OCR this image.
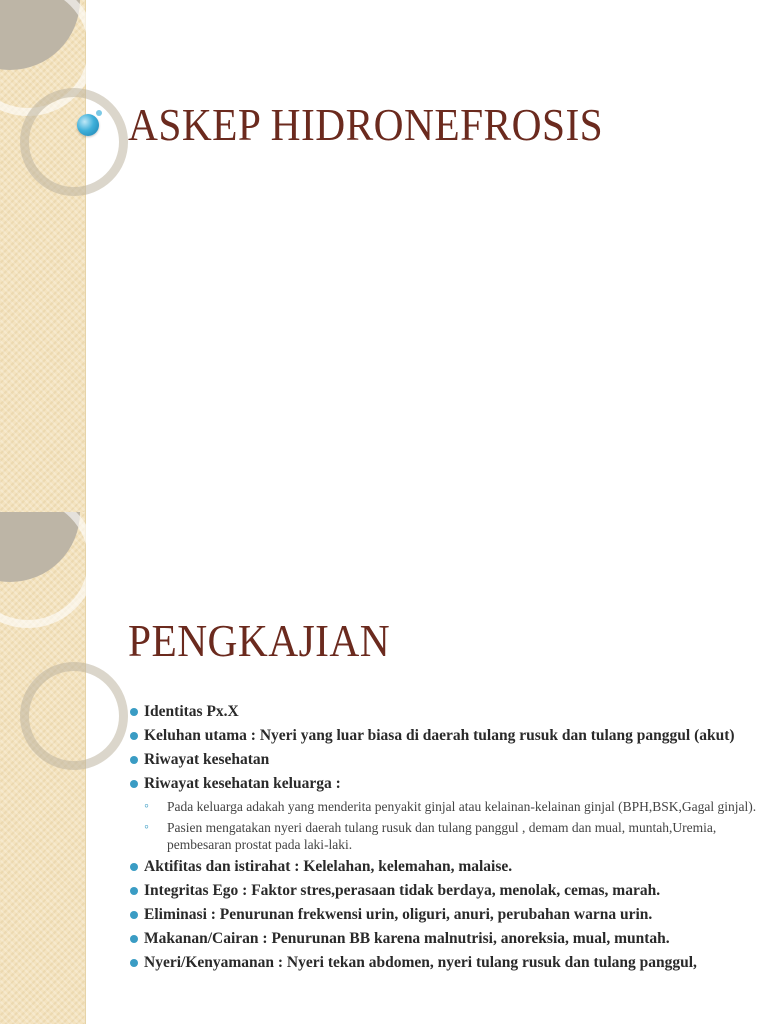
ASKEP HIDRONEFROSIS
PENGKAJIAN
Identitas Px.X
Keluhan utama : Nyeri yang luar biasa di daerah tulang rusuk dan tulang panggul (akut)
Riwayat kesehatan
Riwayat kesehatan keluarga :
◦ Pada keluarga adakah yang menderita penyakit ginjal atau kelainan-kelainan ginjal (BPH,BSK,Gagal ginjal).
◦ Pasien mengatakan nyeri daerah tulang rusuk dan tulang panggul , demam dan mual, muntah,Uremia, pembesaran prostat pada laki-laki.
Aktifitas dan istirahat : Kelelahan, kelemahan, malaise.
Integritas Ego : Faktor stres,perasaan tidak berdaya, menolak, cemas, marah.
Eliminasi : Penurunan frekwensi urin, oliguri, anuri, perubahan warna urin.
Makanan/Cairan : Penurunan BB karena malnutrisi, anoreksia, mual, muntah.
Nyeri/Kenyamanan : Nyeri tekan abdomen, nyeri tulang rusuk dan tulang panggul,
